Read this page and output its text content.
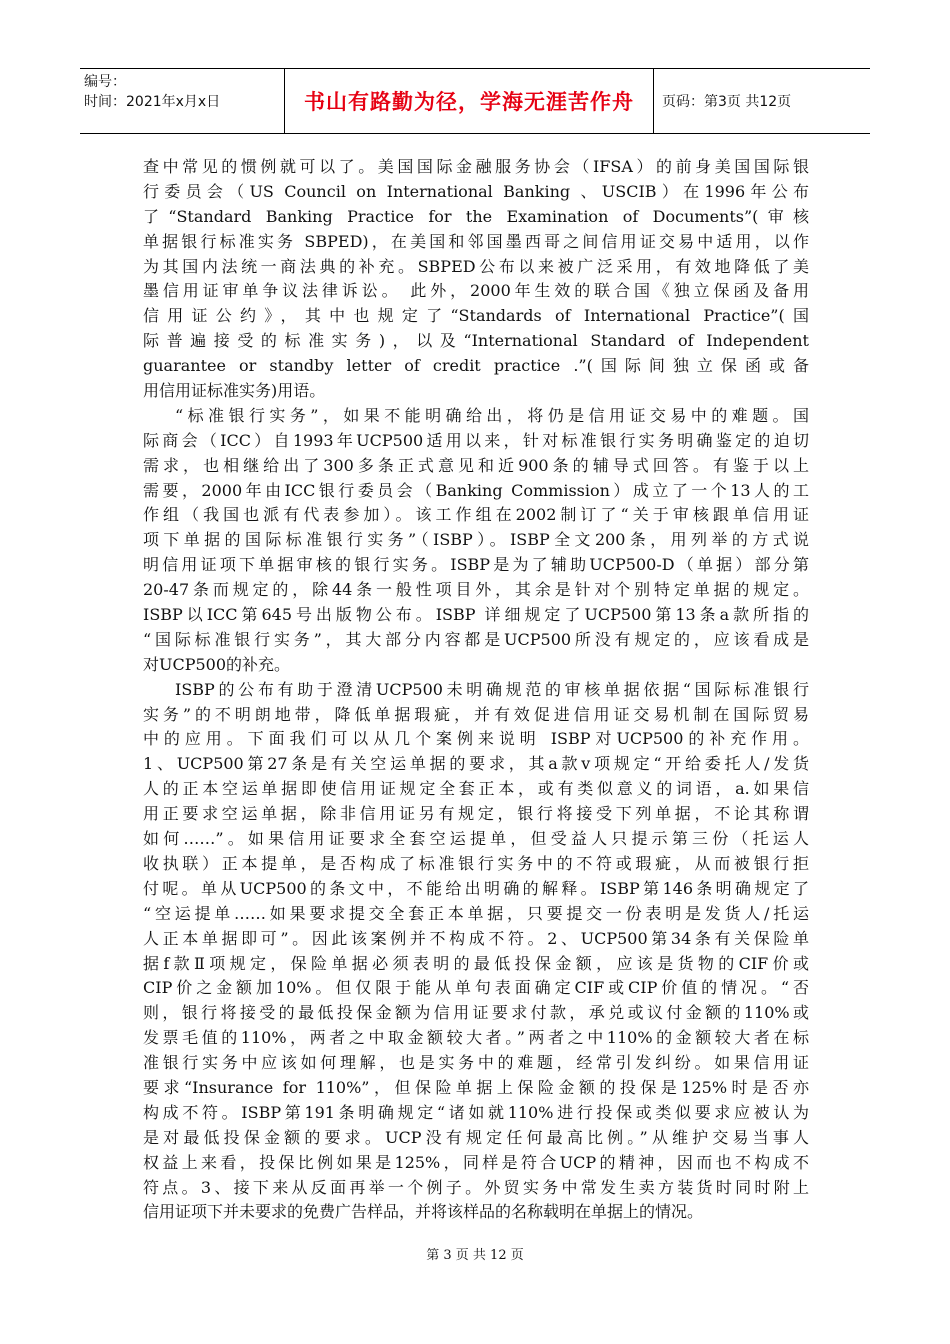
编号：
时间：2021年x月x日	书山有路勤为径，学海无涯苦作舟	页码：第3页 共12页
查中常见的惯例就可以了。美国国际金融服务协会（IFSA）的前身美国国际银
行委员会（US Council on International Banking 、USCIB）在1996年公布
了“Standard Banking Practice for the Examination of Documents”(审核
单据银行标准实务 SBPED)，在美国和邻国墨西哥之间信用证交易中适用，以作
为其国内法统一商法典的补充。SBPED公布以来被广泛采用，有效地降低了美
墨信用证审单争议法律诉讼。 此外，2000年生效的联合国《独立保函及备用
信用证公约》，其中也规定了“Standards of International Practice”(国
际普遍接受的标准实务)，以及“International Standard of Independent
guarantee or standby letter of credit practice .”(国际间独立保函或备
用信用证标准实务)用语。
“标准银行实务”，如果不能明确给出，将仍是信用证交易中的难题。国
际商会（ICC）自1993年UCP500适用以来，针对标准银行实务明确鉴定的迫切
需求，也相继给出了300多条正式意见和近900条的辅导式回答。有鉴于以上
需要，2000年由ICC银行委员会（Banking Commission）成立了一个13人的工
作组（我国也派有代表参加）。该工作组在2002制订了“关于审核跟单信用证
项下单据的国际标准银行实务”（ISBP）。ISBP全文200条，用列举的方式说
明信用证项下单据审核的银行实务。ISBP是为了辅助UCP500-D（单据）部分第
20-47条而规定的，除44条一般性项目外，其余是针对个别特定单据的规定。
ISBP以ICC第645号出版物公布。ISBP 详细规定了UCP500第13条a款所指的
“国际标准银行实务”，其大部分内容都是UCP500所没有规定的，应该看成是
对UCP500的补充。
ISBP的公布有助于澄清UCP500未明确规范的审核单据依据“国际标准银行
实务”的不明朗地带，降低单据瑕疵，并有效促进信用证交易机制在国际贸易
中的应用。下面我们可以从几个案例来说明 ISBP对UCP500的补充作用。
1、UCP500第27条是有关空运单据的要求，其a款v项规定“开给委托人/发货
人的正本空运单据即使信用证规定全套正本，或有类似意义的词语，a.如果信
用正要求空运单据，除非信用证另有规定，银行将接受下列单据，不论其称谓
如何……”。如果信用证要求全套空运提单，但受益人只提示第三份（托运人
收执联）正本提单，是否构成了标准银行实务中的不符或瑕疵，从而被银行拒
付呢。单从UCP500的条文中，不能给出明确的解释。ISBP第146条明确规定了
“空运提单……如果要求提交全套正本单据，只要提交一份表明是发货人/托运
人正本单据即可”。因此该案例并不构成不符。2、UCP500第34条有关保险单
据f款Ⅱ项规定，保险单据必须表明的最低投保金额，应该是货物的CIF价或
CIP价之金额加10%。但仅限于能从单句表面确定CIF或CIP价值的情况。“否
则，银行将接受的最低投保金额为信用证要求付款，承兑或议付金额的110%或
发票毛值的110%，两者之中取金额较大者。”两者之中110%的金额较大者在标
准银行实务中应该如何理解，也是实务中的难题，经常引发纠纷。如果信用证
要求“Insurance for 110%”，但保险单据上保险金额的投保是125%时是否亦
构成不符。ISBP第191条明确规定“诸如就110%进行投保或类似要求应被认为
是对最低投保金额的要求。UCP没有规定任何最高比例。”从维护交易当事人
权益上来看，投保比例如果是125%，同样是符合UCP的精神，因而也不构成不
符点。3、接下来从反面再举一个例子。外贸实务中常发生卖方装货时同时附上
信用证项下并未要求的免费广告样品，并将该样品的名称载明在单据上的情况。
第 3 页 共 12 页
